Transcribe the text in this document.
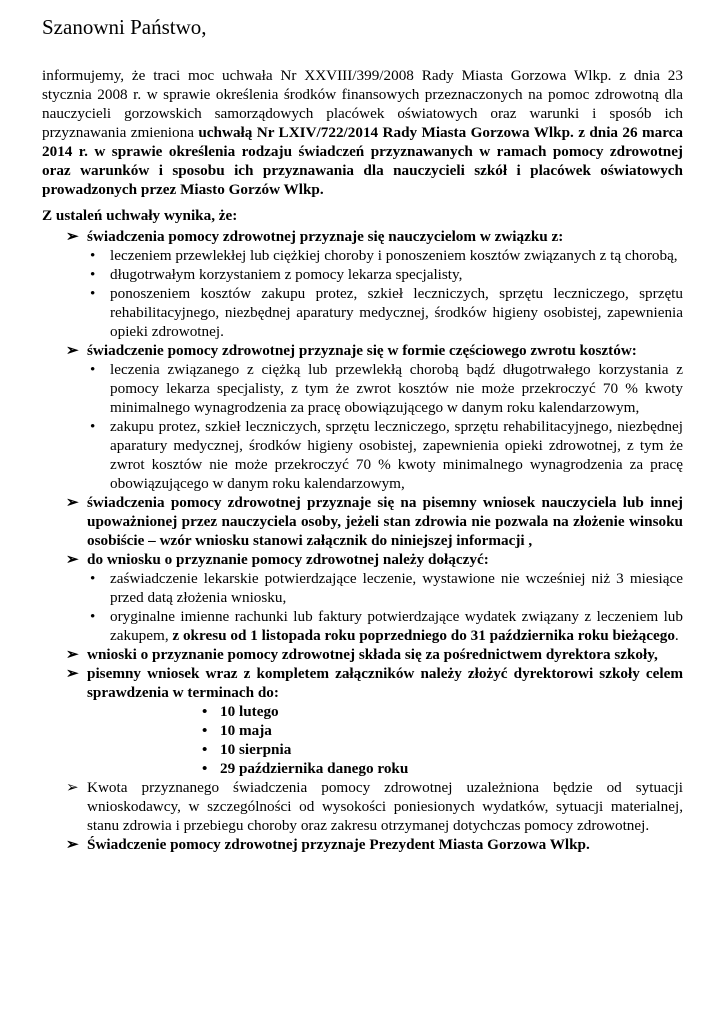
Szanowni Państwo,

informujemy, że traci moc uchwała Nr XXVIII/399/2008 Rady Miasta Gorzowa Wlkp. z dnia 23 stycznia 2008 r. w sprawie określenia środków finansowych przeznaczonych na pomoc zdrowotną dla nauczycieli gorzowskich samorządowych placówek oświatowych oraz warunki i sposób ich przyznawania zmieniona uchwałą Nr LXIV/722/2014 Rady Miasta Gorzowa Wlkp. z dnia 26 marca 2014 r. w sprawie określenia rodzaju świadczeń przyznawanych w ramach pomocy zdrowotnej oraz warunków i sposobu ich przyznawania dla nauczycieli szkół i placówek oświatowych prowadzonych przez Miasto Gorzów Wlkp.

Z ustaleń uchwały wynika, że:

➢ świadczenia pomocy zdrowotnej przyznaje się nauczycielom w związku z:
• leczeniem przewlekłej lub ciężkiej choroby i ponoszeniem kosztów związanych z tą chorobą,
• długotrwałym korzystaniem z pomocy lekarza specjalisty,
• ponoszeniem kosztów zakupu protez, szkieł leczniczych, sprzętu leczniczego, sprzętu rehabilitacyjnego, niezbędnej aparatury medycznej, środków higieny osobistej, zapewnienia opieki zdrowotnej.
➢ świadczenie pomocy zdrowotnej przyznaje się w formie częściowego zwrotu kosztów:
• leczenia związanego z ciężką lub przewlekłą chorobą bądź długotrwałego korzystania z pomocy lekarza specjalisty, z tym że zwrot kosztów nie może przekroczyć 70 % kwoty minimalnego wynagrodzenia za pracę obowiązującego w danym roku kalendarzowym,
• zakupu protez, szkieł leczniczych, sprzętu leczniczego, sprzętu rehabilitacyjnego, niezbędnej aparatury medycznej, środków higieny osobistej, zapewnienia opieki zdrowotnej, z tym że zwrot kosztów nie może przekroczyć 70 % kwoty minimalnego wynagrodzenia za pracę obowiązującego w danym roku kalendarzowym,
➢ świadczenia pomocy zdrowotnej przyznaje się na pisemny wniosek nauczyciela lub innej upoważnionej przez nauczyciela osoby, jeżeli stan zdrowia nie pozwala na złożenie winsoku osobiście – wzór wniosku stanowi załącznik do niniejszej informacji ,
➢ do wniosku o przyznanie pomocy zdrowotnej należy dołączyć:
• zaświadczenie lekarskie potwierdzające leczenie, wystawione nie wcześniej niż 3 miesiące przed datą złożenia wniosku,
• oryginalne imienne rachunki lub faktury potwierdzające wydatek związany z leczeniem lub zakupem, z okresu od 1 listopada roku poprzedniego do 31 października roku bieżącego.
➢ wnioski o przyznanie pomocy zdrowotnej składa się za pośrednictwem dyrektora szkoły,
➢ pisemny wniosek wraz z kompletem załączników należy złożyć dyrektorowi szkoły celem sprawdzenia w terminach do:
• 10 lutego
• 10 maja
• 10 sierpnia
• 29 października danego roku
➢ Kwota przyznanego świadczenia pomocy zdrowotnej uzależniona będzie od sytuacji wnioskodawcy, w szczególności od wysokości poniesionych wydatków, sytuacji materialnej, stanu zdrowia i przebiegu choroby oraz zakresu otrzymanej dotychczas pomocy zdrowotnej.
➢ Świadczenie pomocy zdrowotnej przyznaje Prezydent Miasta Gorzowa Wlkp.
